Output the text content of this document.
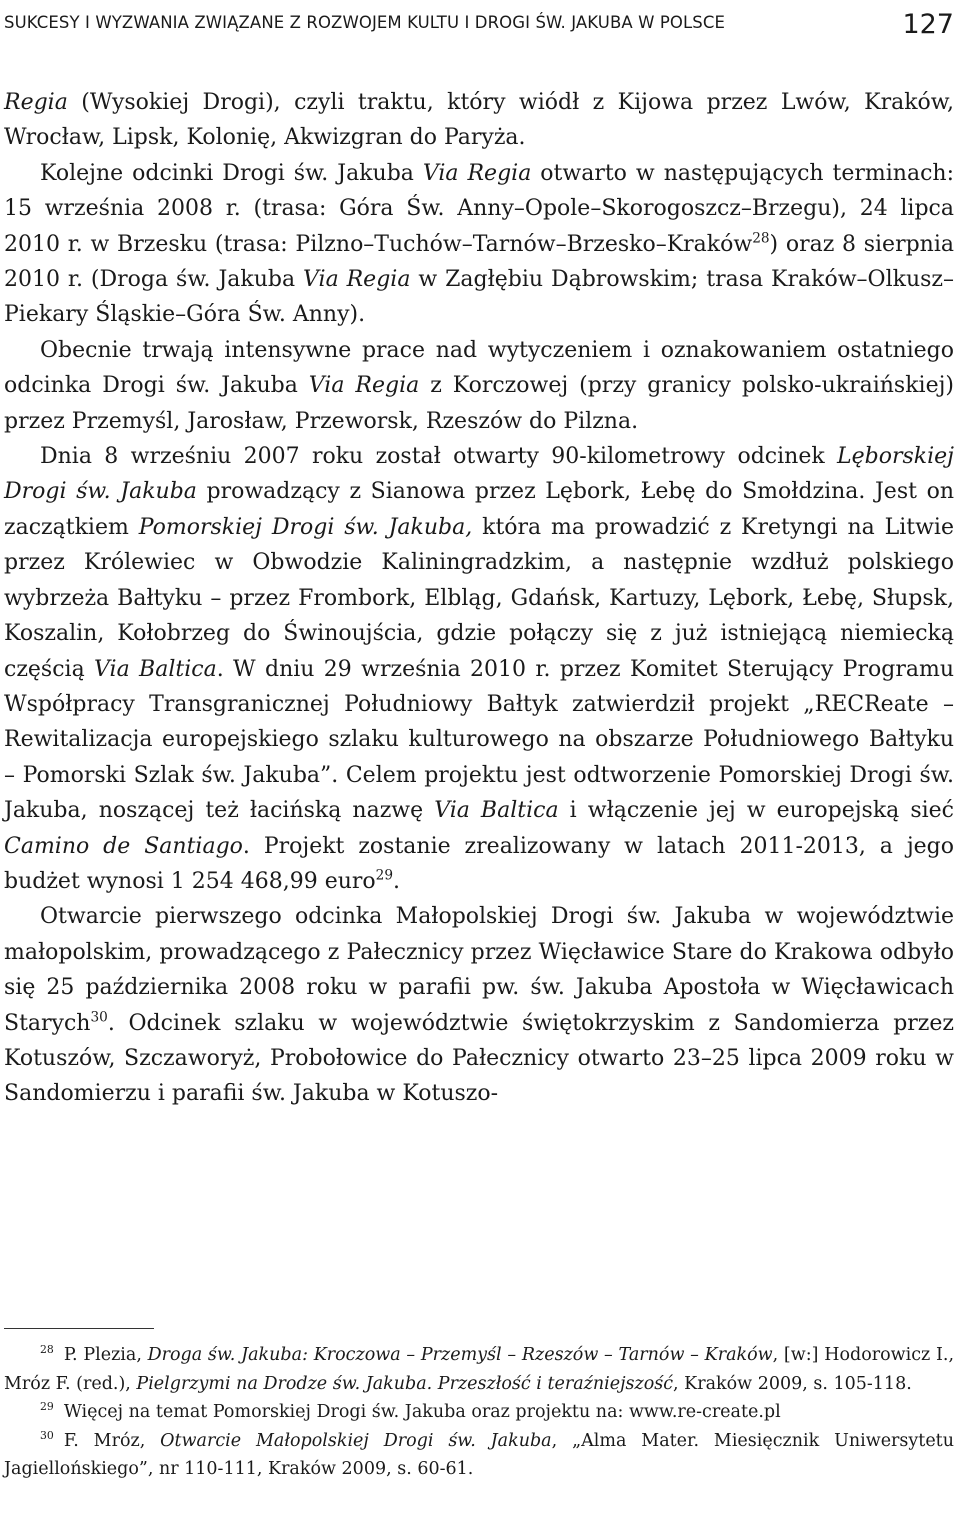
SUKCESY I WYZWANIA ZWIĄZANE Z ROZWOJEM KULTU I DROGI ŚW. JAKUBA W POLSCE	127

Regia (Wysokiej Drogi), czyli traktu, który wiódł z Kijowa przez Lwów, Kraków, Wrocław, Lipsk, Kolonię, Akwizgran do Paryża.

Kolejne odcinki Drogi św. Jakuba Via Regia otwarto w następujących terminach: 15 września 2008 r. (trasa: Góra Św. Anny–Opole–Skorogoszcz–Brzegu), 24 lipca 2010 r. w Brzesku (trasa: Pilzno–Tuchów–Tarnów–Brzesko–Kraków$^{28}$) oraz 8 sierpnia 2010 r. (Droga św. Jakuba Via Regia w Zagłębiu Dąbrowskim; trasa Kraków–Olkusz–Piekary Śląskie–Góra Św. Anny).

Obecnie trwają intensywne prace nad wytyczeniem i oznakowaniem ostatniego odcinka Drogi św. Jakuba Via Regia z Korczowej (przy granicy polsko-ukraińskiej) przez Przemyśl, Jarosław, Przeworsk, Rzeszów do Pilzna.

Dnia 8 wrześniu 2007 roku został otwarty 90-kilometrowy odcinek Lęborskiej Drogi św. Jakuba prowadzący z Sianowa przez Lębork, Łebę do Smołdzina. Jest on zaczątkiem Pomorskiej Drogi św. Jakuba, która ma prowadzić z Kretyngi na Litwie przez Królewiec w Obwodzie Kaliningradzkim, a następnie wzdłuż polskiego wybrzeża Bałtyku – przez Frombork, Elbląg, Gdańsk, Kartuzy, Lębork, Łebę, Słupsk, Koszalin, Kołobrzeg do Świnoujścia, gdzie połączy się z już istniejącą niemiecką częścią Via Baltica. W dniu 29 września 2010 r. przez Komitet Sterujący Programu Współpracy Transgranicznej Południowy Bałtyk zatwierdził projekt „RECReate – Rewitalizacja europejskiego szlaku kulturowego na obszarze Południowego Bałtyku – Pomorski Szlak św. Jakuba”. Celem projektu jest odtworzenie Pomorskiej Drogi św. Jakuba, noszącej też łacińską nazwę Via Baltica i włączenie jej w europejską sieć Camino de Santiago. Projekt zostanie zrealizowany w latach 2011-2013, a jego budżet wynosi 1 254 468,99 euro$^{29}$.

Otwarcie pierwszego odcinka Małopolskiej Drogi św. Jakuba w województwie małopolskim, prowadzącego z Pałecznicy przez Więcławice Stare do Krakowa odbyło się 25 października 2008 roku w parafii pw. św. Jakuba Apostoła w Więcławicach Starych$^{30}$. Odcinek szlaku w województwie świętokrzyskim z Sandomierza przez Kotuszów, Szczaworyż, Probołowice do Pałecznicy otwarto 23–25 lipca 2009 roku w Sandomierzu i parafii św. Jakuba w Kotuszo-

$^{28}$ P. Plezia, Droga św. Jakuba: Kroczowa – Przemyśl – Rzeszów – Tarnów – Kraków, [w:] Hodorowicz I., Mróz F. (red.), Pielgrzymi na Drodze św. Jakuba. Przeszłość i teraźniejszość, Kraków 2009, s. 105-118.

$^{29}$ Więcej na temat Pomorskiej Drogi św. Jakuba oraz projektu na: www.re-create.pl

$^{30}$ F. Mróz, Otwarcie Małopolskiej Drogi św. Jakuba, „Alma Mater. Miesięcznik Uniwersytetu Jagiellońskiego”, nr 110-111, Kraków 2009, s. 60-61.
